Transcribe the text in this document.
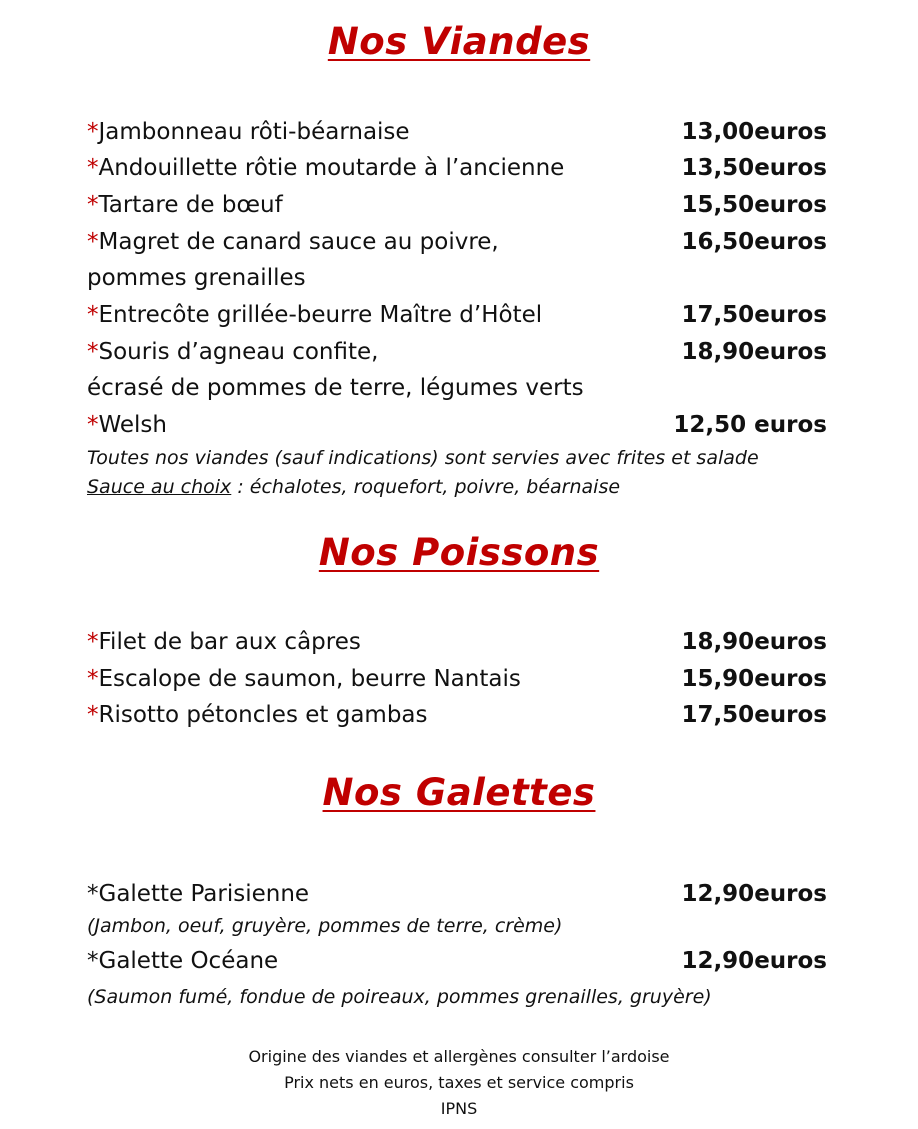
Nos Viandes
*Jambonneau rôti-béarnaise	13,00euros
*Andouillette rôtie moutarde à l’ancienne	13,50euros
*Tartare de bœuf	15,50euros
*Magret de canard sauce au poivre,	16,50euros
pommes grenailles
*Entrecôte grillée-beurre Maître d’Hôtel	17,50euros
*Souris d’agneau confite,	18,90euros
écrasé de pommes de terre, légumes verts
*Welsh	12,50 euros
Toutes nos viandes (sauf indications) sont servies avec frites et salade
Sauce au choix : échalotes, roquefort, poivre, béarnaise
Nos Poissons
*Filet de bar aux câpres	18,90euros
*Escalope de saumon, beurre Nantais	15,90euros
*Risotto pétoncles et gambas	17,50euros
Nos Galettes
*Galette Parisienne	12,90euros
(Jambon, oeuf, gruyère, pommes de terre, crème)
*Galette Océane	12,90euros
(Saumon fumé, fondue de poireaux, pommes grenailles, gruyère)
Origine des viandes et allergènes consulter l’ardoise
Prix nets en euros, taxes et service compris
IPNS
